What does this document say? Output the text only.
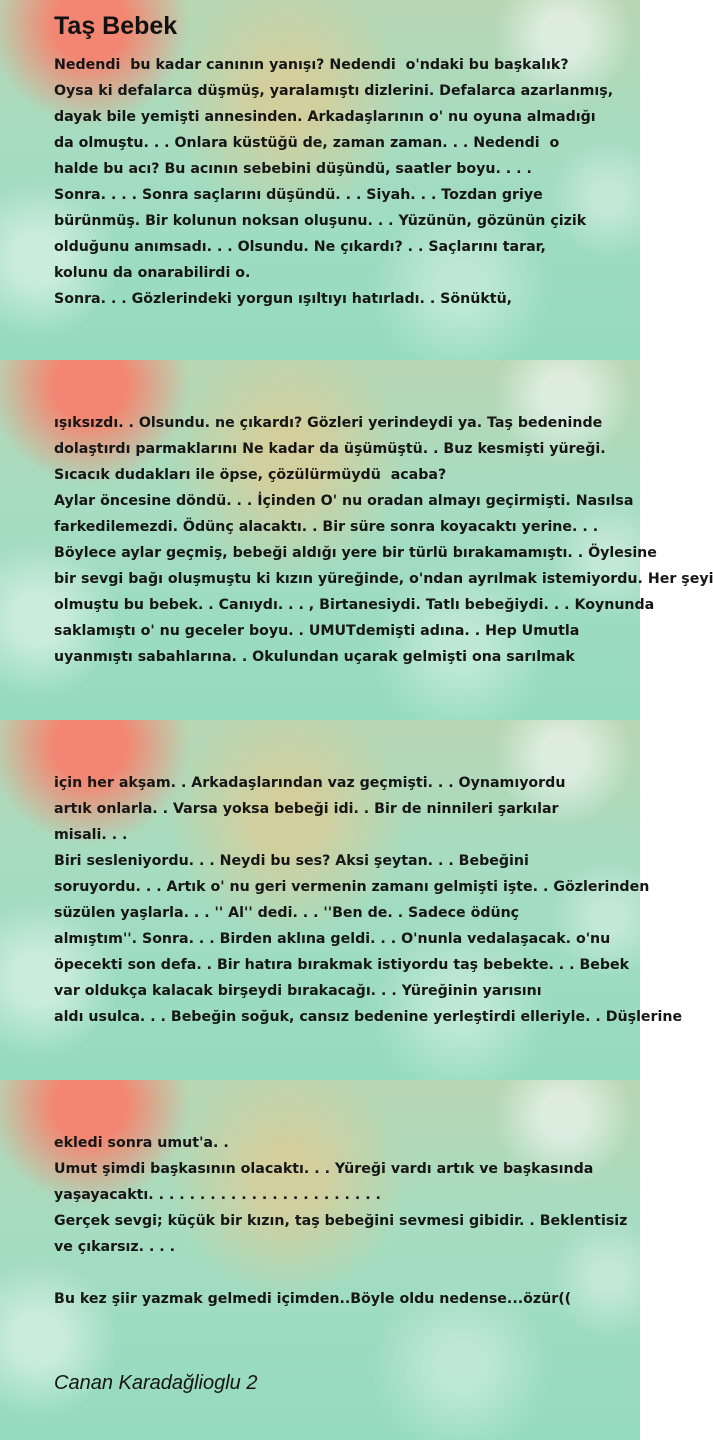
Taş Bebek
Nedendi  bu kadar canının yanışı? Nedendi  o'ndaki bu başkalık?
Oysa ki defalarca düşmüş, yaralamıştı dizlerini. Defalarca azarlanmış,
dayak bile yemişti annesinden. Arkadaşlarının o' nu oyuna almadığı
da olmuştu. . . Onlara küstüğü de, zaman zaman. . . Nedendi  o
halde bu acı? Bu acının sebebini düşündü, saatler boyu. . . .
Sonra. . . . Sonra saçlarını düşündü. . . Siyah. . . Tozdan griye
bürünmüş. Bir kolunun noksan oluşunu. . . Yüzünün, gözünün çizik
olduğunu anımsadı. . . Olsundu. Ne çıkardı? . . Saçlarını tarar,
kolunu da onarabilirdi o.
Sonra. . . Gözlerindeki yorgun ışıltıyı hatırladı. . Sönüktü,
ışıksızdı. . Olsundu. ne çıkardı? Gözleri yerindeydi ya. Taş bedeninde
dolaştırdı parmaklarını Ne kadar da üşümüştü. . Buz kesmişti yüreği.
Sıcacık dudakları ile öpse, çözülürmüydü  acaba?
Aylar öncesine döndü. . . İçinden O' nu oradan almayı geçirmişti. Nasılsa
farkedilemezdi. Ödünç alacaktı. . Bir süre sonra koyacaktı yerine. . .
Böylece aylar geçmiş, bebeği aldığı yere bir türlü bırakamamıştı. . Öylesine
bir sevgi bağı oluşmuştu ki kızın yüreğinde, o'ndan ayrılmak istemiyordu. Her şeyi
olmuştu bu bebek. . Canıydı. . . , Birtanesiydi. Tatlı bebeğiydi. . . Koynunda
saklamıştı o' nu geceler boyu. . UMUTdemişti adına. . Hep Umutla
uyanmıştı sabahlarına. . Okulundan uçarak gelmişti ona sarılmak
için her akşam. . Arkadaşlarından vaz geçmişti. . . Oynamıyordu
artık onlarla. . Varsa yoksa bebeği idi. . Bir de ninnileri şarkılar
misali. . .
Biri sesleniyordu. . . Neydi bu ses? Aksi şeytan. . . Bebeğini
soruyordu. . . Artık o' nu geri vermenin zamanı gelmişti işte. . Gözlerinden
süzülen yaşlarla. . . '' Al'' dedi. . . ''Ben de. . Sadece ödünç
almıştım''. Sonra. . . Birden aklına geldi. . . O'nunla vedalaşacak. o'nu
öpecekti son defa. . Bir hatıra bırakmak istiyordu taş bebekte. . . Bebek
var oldukça kalacak birşeydi bırakacağı. . . Yüreğinin yarısını
aldı usulca. . . Bebeğin soğuk, cansız bedenine yerleştirdi elleriyle. . Düşlerine
ekledi sonra umut'a. .
Umut şimdi başkasının olacaktı. . . Yüreği vardı artık ve başkasında
yaşayacaktı. . . . . . . . . . . . . . . . . . . . . . .
Gerçek sevgi; küçük bir kızın, taş bebeğini sevmesi gibidir. . Beklentisiz
ve çıkarsız. . . .

Bu kez şiir yazmak gelmedi içimden..Böyle oldu nedense...özür((
Canan Karadağlioglu 2
